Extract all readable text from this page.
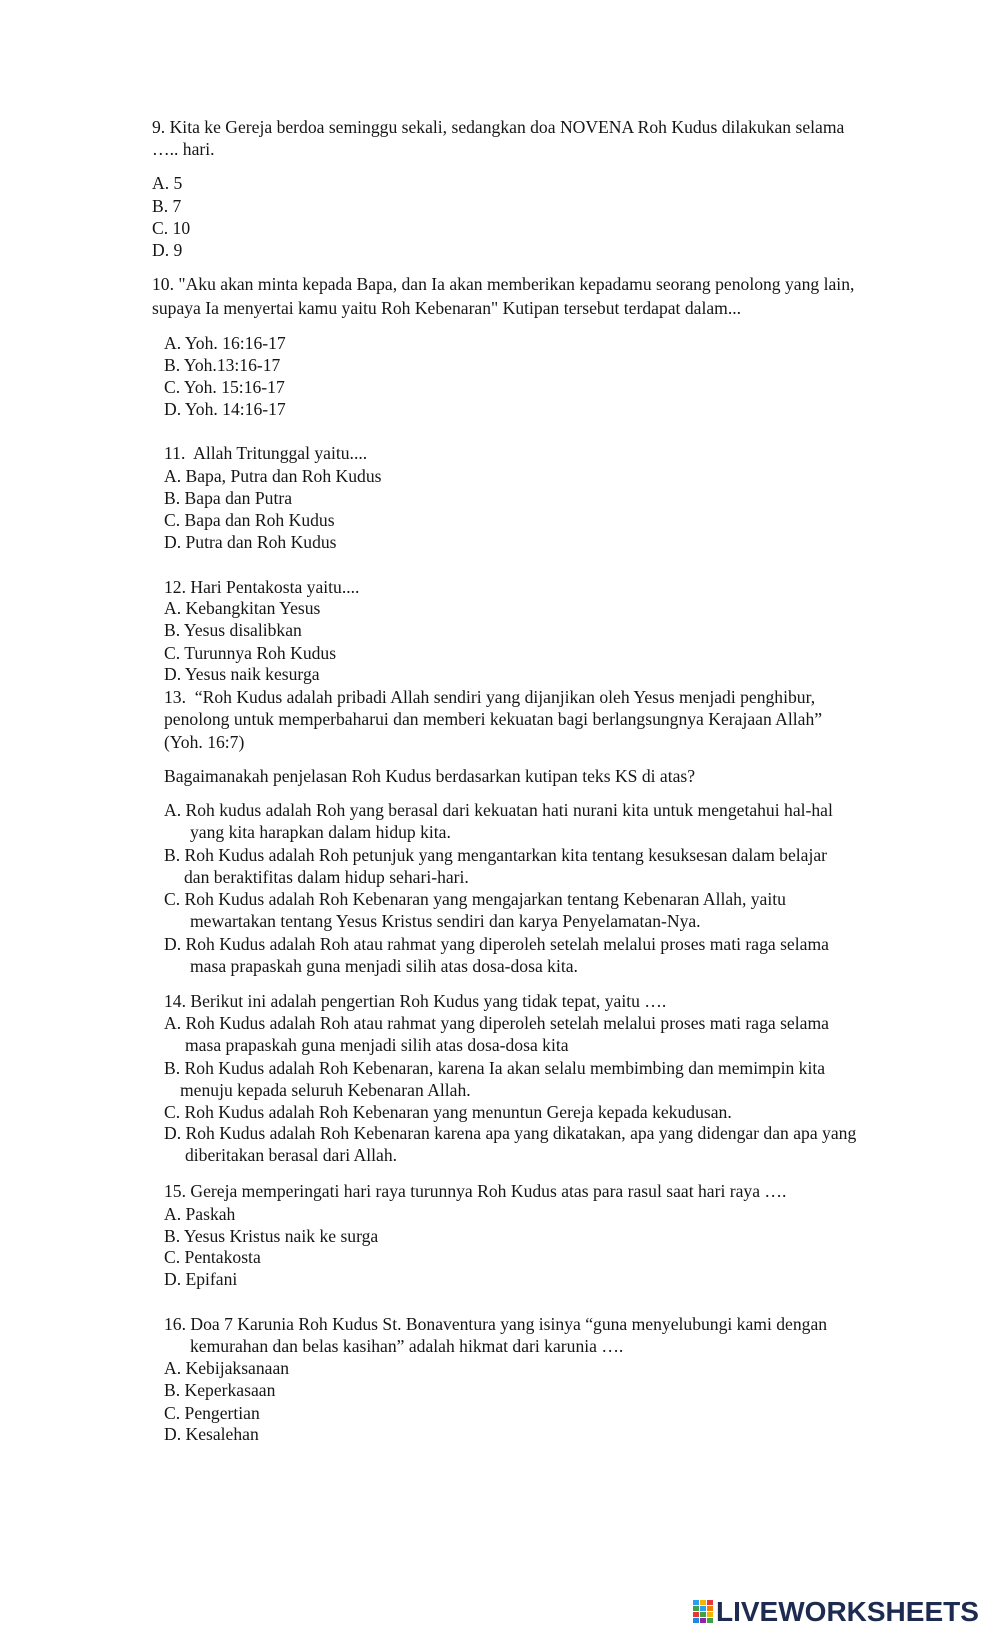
9. Kita ke Gereja berdoa seminggu sekali, sedangkan doa NOVENA Roh Kudus dilakukan selama
….. hari.
A. 5
B. 7
C. 10
D. 9
10. "Aku akan minta kepada Bapa, dan Ia akan memberikan kepadamu seorang penolong yang lain,
supaya Ia menyertai kamu yaitu Roh Kebenaran" Kutipan tersebut terdapat dalam...
A. Yoh. 16:16-17
B. Yoh.13:16-17
C. Yoh. 15:16-17
D. Yoh. 14:16-17
11.  Allah Tritunggal yaitu....
A. Bapa, Putra dan Roh Kudus
B. Bapa dan Putra
C. Bapa dan Roh Kudus
D. Putra dan Roh Kudus
12. Hari Pentakosta yaitu....
A. Kebangkitan Yesus
B. Yesus disalibkan
C. Turunnya Roh Kudus
D. Yesus naik kesurga
13.  “Roh Kudus adalah pribadi Allah sendiri yang dijanjikan oleh Yesus menjadi penghibur,
penolong untuk memperbaharui dan memberi kekuatan bagi berlangsungnya Kerajaan Allah”
(Yoh. 16:7)
Bagaimanakah penjelasan Roh Kudus berdasarkan kutipan teks KS di atas?
A. Roh kudus adalah Roh yang berasal dari kekuatan hati nurani kita untuk mengetahui hal-hal
yang kita harapkan dalam hidup kita.
B. Roh Kudus adalah Roh petunjuk yang mengantarkan kita tentang kesuksesan dalam belajar
dan beraktifitas dalam hidup sehari-hari.
C. Roh Kudus adalah Roh Kebenaran yang mengajarkan tentang Kebenaran Allah, yaitu
mewartakan tentang Yesus Kristus sendiri dan karya Penyelamatan-Nya.
D. Roh Kudus adalah Roh atau rahmat yang diperoleh setelah melalui proses mati raga selama
masa prapaskah guna menjadi silih atas dosa-dosa kita.
14. Berikut ini adalah pengertian Roh Kudus yang tidak tepat, yaitu ….
A. Roh Kudus adalah Roh atau rahmat yang diperoleh setelah melalui proses mati raga selama
masa prapaskah guna menjadi silih atas dosa-dosa kita
B. Roh Kudus adalah Roh Kebenaran, karena Ia akan selalu membimbing dan memimpin kita
menuju kepada seluruh Kebenaran Allah.
C. Roh Kudus adalah Roh Kebenaran yang menuntun Gereja kepada kekudusan.
D. Roh Kudus adalah Roh Kebenaran karena apa yang dikatakan, apa yang didengar dan apa yang
diberitakan berasal dari Allah.
15. Gereja memperingati hari raya turunnya Roh Kudus atas para rasul saat hari raya ….
A. Paskah
B. Yesus Kristus naik ke surga
C. Pentakosta
D. Epifani
16. Doa 7 Karunia Roh Kudus St. Bonaventura yang isinya “guna menyelubungi kami dengan
kemurahan dan belas kasihan” adalah hikmat dari karunia ….
A. Kebijaksanaan
B. Keperkasaan
C. Pengertian
D. Kesalehan
LIVEWORKSHEETS
